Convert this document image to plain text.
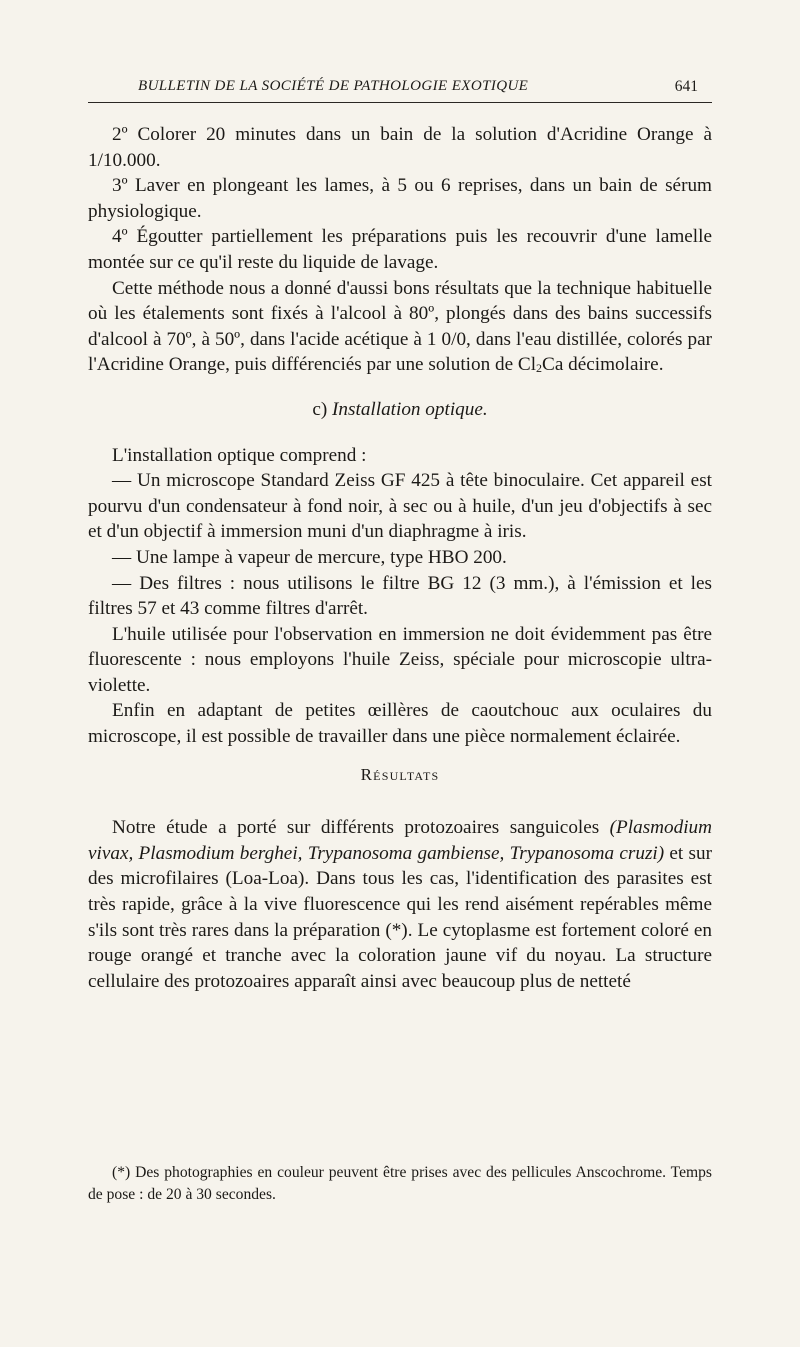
BULLETIN DE LA SOCIÉTÉ DE PATHOLOGIE EXOTIQUE	641

2º Colorer 20 minutes dans un bain de la solution d'Acridine Orange à 1/10.000.

3º Laver en plongeant les lames, à 5 ou 6 reprises, dans un bain de sérum physiologique.

4º Égoutter partiellement les préparations puis les recouvrir d'une lamelle montée sur ce qu'il reste du liquide de lavage.

Cette méthode nous a donné d'aussi bons résultats que la technique habituelle où les étalements sont fixés à l'alcool à 80º, plongés dans des bains successifs d'alcool à 70º, à 50º, dans l'acide acétique à 1 0/0, dans l'eau distillée, colorés par l'Acridine Orange, puis différenciés par une solution de Cl2Ca décimolaire.

c) Installation optique.

L'installation optique comprend :

— Un microscope Standard Zeiss GF 425 à tête binoculaire. Cet appareil est pourvu d'un condensateur à fond noir, à sec ou à huile, d'un jeu d'objectifs à sec et d'un objectif à immersion muni d'un diaphragme à iris.

— Une lampe à vapeur de mercure, type HBO 200.

— Des filtres : nous utilisons le filtre BG 12 (3 mm.), à l'émission et les filtres 57 et 43 comme filtres d'arrêt.

L'huile utilisée pour l'observation en immersion ne doit évidemment pas être fluorescente : nous employons l'huile Zeiss, spéciale pour microscopie ultra-violette.

Enfin en adaptant de petites œillères de caoutchouc aux oculaires du microscope, il est possible de travailler dans une pièce normalement éclairée.

Résultats

Notre étude a porté sur différents protozoaires sanguicoles (Plasmodium vivax, Plasmodium berghei, Trypanosoma gambiense, Trypanosoma cruzi) et sur des microfilaires (Loa-Loa). Dans tous les cas, l'identification des parasites est très rapide, grâce à la vive fluorescence qui les rend aisément repérables même s'ils sont très rares dans la préparation (*). Le cytoplasme est fortement coloré en rouge orangé et tranche avec la coloration jaune vif du noyau. La structure cellulaire des protozoaires apparaît ainsi avec beaucoup plus de netteté

(*) Des photographies en couleur peuvent être prises avec des pellicules Anscochrome. Temps de pose : de 20 à 30 secondes.
